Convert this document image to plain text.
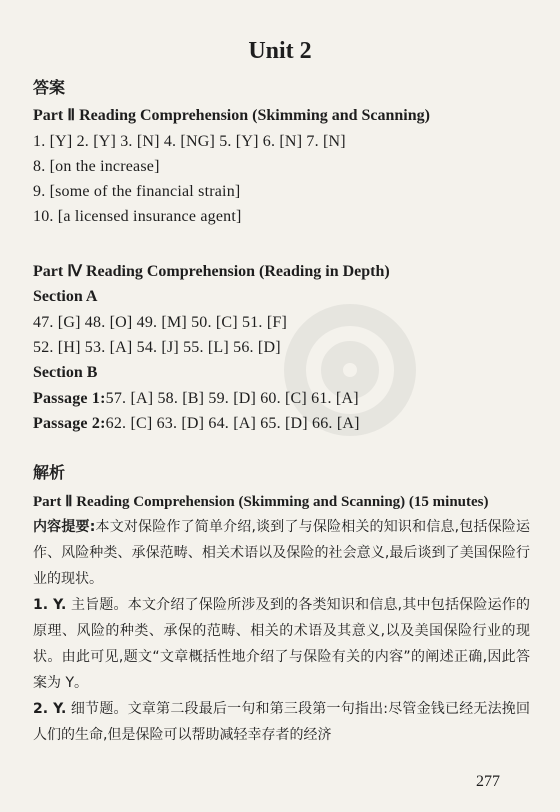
Unit 2
答案
Part Ⅱ Reading Comprehension (Skimming and Scanning)
1. [Y] 2. [Y] 3. [N] 4. [NG] 5. [Y] 6. [N] 7. [N]
8. [on the increase]
9. [some of the financial strain]
10. [a licensed insurance agent]
Part Ⅳ Reading Comprehension (Reading in Depth)
Section A
47. [G] 48. [O] 49. [M] 50. [C] 51. [F]
52. [H] 53. [A] 54. [J] 55. [L] 56. [D]
Section B
Passage 1:57. [A] 58. [B] 59. [D] 60. [C] 61. [A]
Passage 2:62. [C] 63. [D] 64. [A] 65. [D] 66. [A]
解析
Part Ⅱ Reading Comprehension (Skimming and Scanning) (15 minutes)
内容提要:本文对保险作了简单介绍,谈到了与保险相关的知识和信息,包括保险运作、风险种类、承保范畴、相关术语以及保险的社会意义,最后谈到了美国保险行业的现状。
1. Y. 主旨题。本文介绍了保险所涉及到的各类知识和信息,其中包括保险运作的原理、风险的种类、承保的范畴、相关的术语及其意义,以及美国保险行业的现状。由此可见,题文“文章概括性地介绍了与保险有关的内容”的阐述正确,因此答案为 Y。
2. Y. 细节题。文章第二段最后一句和第三段第一句指出:尽管金钱已经无法挽回人们的生命,但是保险可以帮助减轻幸存者的经济
277
